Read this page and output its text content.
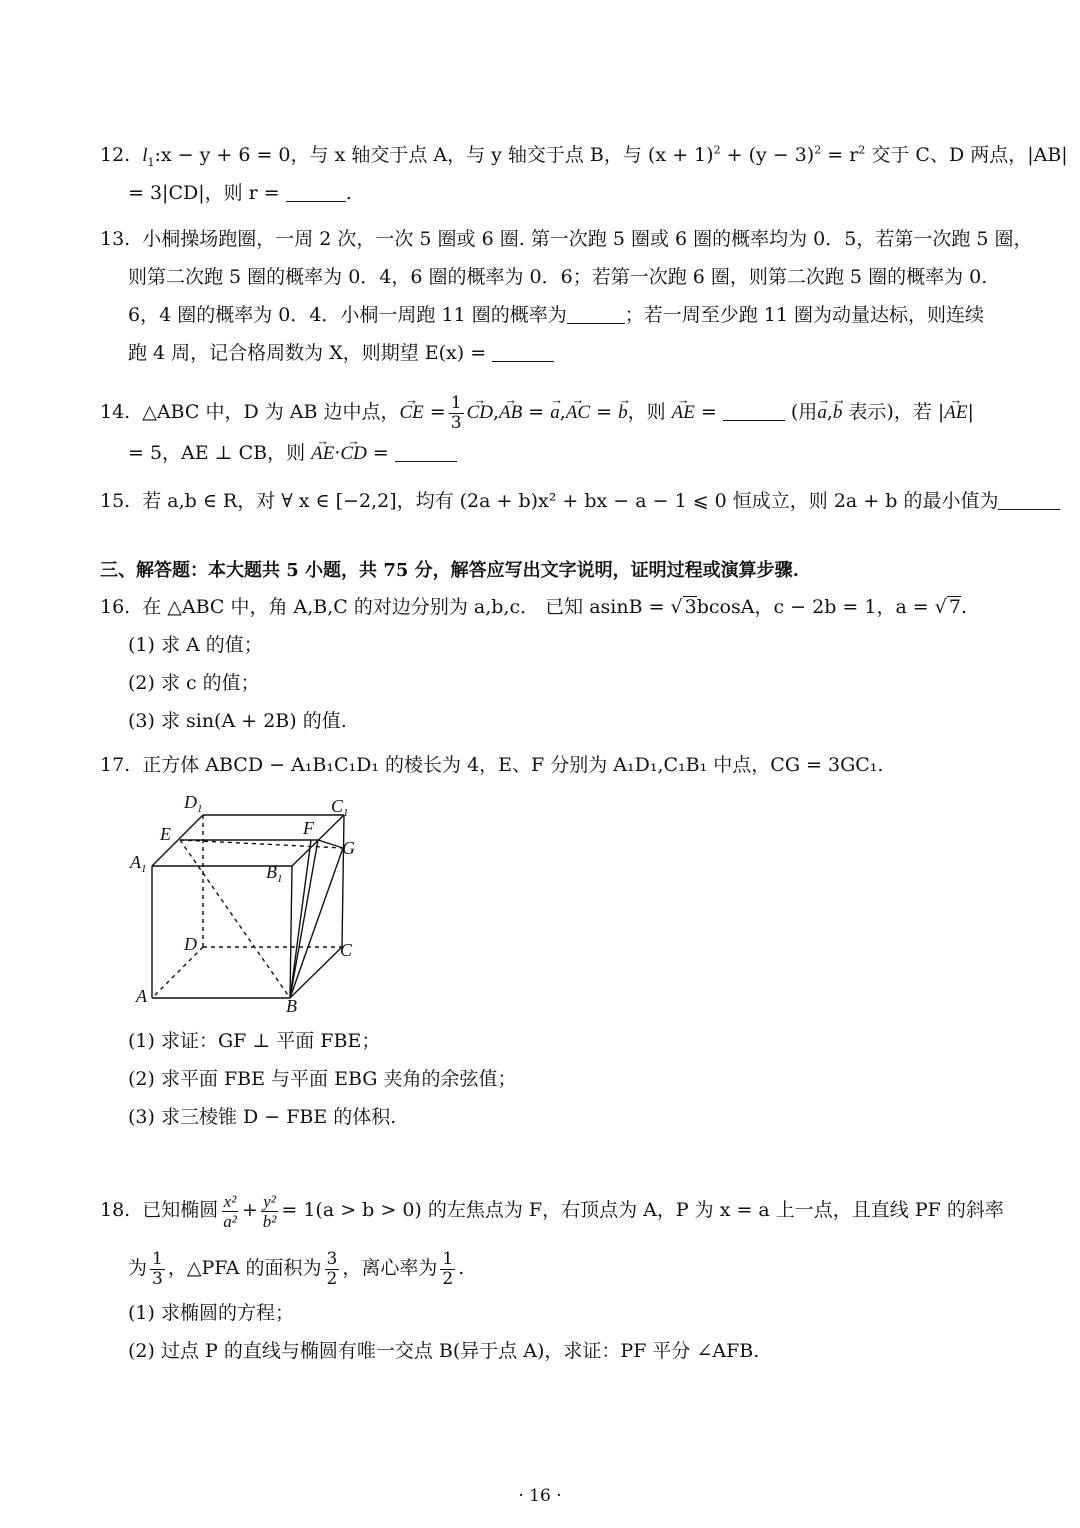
12. $l_1:x - y + 6 = 0$，与 x 轴交于点 A，与 y 轴交于点 B，与 $(x + 1)^2 + (y - 3)^2 = r^2$ 交于 C、D 两点，|AB|
= 3|CD|，则 r =	.
13. 小桐操场跑圈，一周 2 次，一次 5 圈或 6 圈. 第一次跑 5 圈或 6 圈的概率均为 0．5，若第一次跑 5 圈，
则第二次跑 5 圈的概率为 0．4，6 圈的概率为 0．6；若第一次跑 6 圈，则第二次跑 5 圈的概率为 0.
6，4 圈的概率为 0．4．小桐一周跑 11 圈的概率为	；若一周至少跑 11 圈为动量达标，则连续
跑 4 周，记合格周数为 X，则期望 E(x) =
14. △ABC 中，D 为 AB 边中点，→ CE = $\frac{1}{3}$
→ CD,→ AB = → a,→ AC = → b，则 → AE =	(用→ a,→ b 表示)，若 |→ AE|
= 5，AE ⊥ CB，则 → AE·→ CD =
15. 若 a,b ∈ R，对 ∀ x ∈ [−2,2]，均有 (2a + b)x² + bx − a − 1 ⩽ 0 恒成立，则 2a + b 的最小值为
三、解答题：本大题共 5 小题，共 75 分，解答应写出文字说明，证明过程或演算步骤.
16. 在 △ABC 中，角 A,B,C 的对边分别为 a,b,c． 已知 asinB = √ 3bcosA，c − 2b = 1，a = √ 7.
(1) 求 A 的值；
(2) 求 c 的值；
(3) 求 sin(A + 2B) 的值.
17. 正方体 ABCD − A₁B₁C₁D₁ 的棱长为 4，E、F 分别为 A₁D₁,C₁B₁ 中点，CG = 3GC₁.
$D_1$	$C_1$
E	F
$A_1$
G
$B_1$
D	C
A	B
(1) 求证：GF ⊥ 平面 FBE；
(2) 求平面 FBE 与平面 EBG 夹角的余弦值；
(3) 求三棱锥 D − FBE 的体积.
18. 已知椭圆 $\frac{\text{x²}}{\text{a²}} + \frac{\text{y²}}{\text{b²}} = 1(a > b > 0)$ 的左焦点为 F，右顶点为 A，P 为 x = a 上一点，且直线 PF 的斜率
为 $\frac{1}{3}$ ，△PFA 的面积为 $\frac{3}{2}$ ，离心率为 $\frac{1}{2}$ .
(1) 求椭圆的方程；
(2) 过点 P 的直线与椭圆有唯一交点 B(异于点 A)，求证：PF 平分 ∠AFB.
· 16 ·
